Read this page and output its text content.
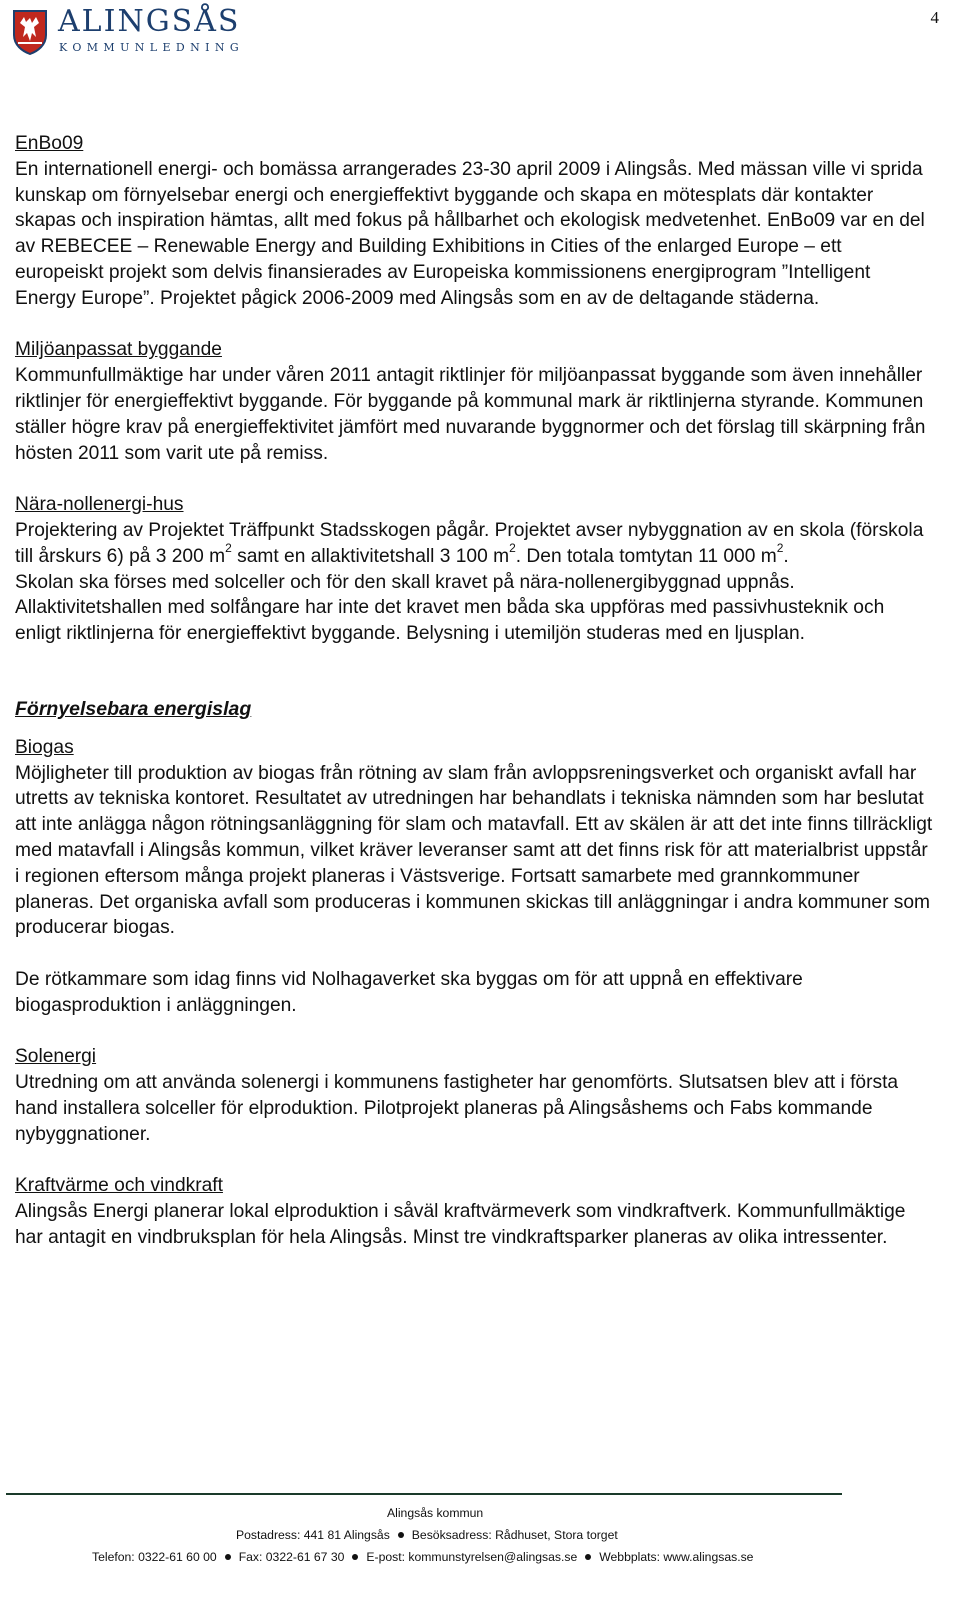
ALINGSÅS
KOMMUNLEDNING
4

EnBo09

En internationell energi- och bomässa arrangerades 23-30 april 2009 i Alingsås. Med mässan ville vi sprida kunskap om förnyelsebar energi och energieffektivt byggande och skapa en mötesplats där kontakter skapas och inspiration hämtas, allt med fokus på hållbarhet och ekologisk medvetenhet. EnBo09 var en del av REBECEE – Renewable Energy and Building Exhibitions in Cities of the enlarged Europe – ett europeiskt projekt som delvis finansierades av Europeiska kommissionens energiprogram ”Intelligent Energy Europe”. Projektet pågick 2006-2009 med Alingsås som en av de deltagande städerna.

Miljöanpassat byggande

Kommunfullmäktige har under våren 2011 antagit riktlinjer för miljöanpassat byggande som även innehåller riktlinjer för energieffektivt byggande. För byggande på kommunal mark är riktlinjerna styrande. Kommunen ställer högre krav på energieffektivitet jämfört med nuvarande byggnormer och det förslag till skärpning från hösten 2011 som varit ute på remiss.

Nära-nollenergi-hus

Projektering av Projektet Träffpunkt Stadsskogen pågår. Projektet avser nybyggnation av en skola (förskola till årskurs 6) på 3 200 $m^2$ samt en allaktivitetshall 3 100 $m^2$. Den totala tomtytan 11 000 $m^2$.

Skolan ska förses med solceller och för den skall kravet på nära-nollenergibyggnad uppnås. Allaktivitetshallen med solfångare har inte det kravet men båda ska uppföras med passivhusteknik och enligt riktlinjerna för energieffektivt byggande. Belysning i utemiljön studeras med en ljusplan.

Förnyelsebara energislag

Biogas

Möjligheter till produktion av biogas från rötning av slam från avloppsreningsverket och organiskt avfall har utretts av tekniska kontoret. Resultatet av utredningen har behandlats i tekniska nämnden som har beslutat att inte anlägga någon rötningsanläggning för slam och matavfall. Ett av skälen är att det inte finns tillräckligt med matavfall i Alingsås kommun, vilket kräver leveranser samt att det finns risk för att materialbrist uppstår i regionen eftersom många projekt planeras i Västsverige. Fortsatt samarbete med grannkommuner planeras. Det organiska avfall som produceras i kommunen skickas till anläggningar i andra kommuner som producerar biogas.

De rötkammare som idag finns vid Nolhagaverket ska byggas om för att uppnå en effektivare biogasproduktion i anläggningen.

Solenergi

Utredning om att använda solenergi i kommunens fastigheter har genomförts. Slutsatsen blev att i första hand installera solceller för elproduktion. Pilotprojekt planeras på Alingsåshems och Fabs kommande nybyggnationer.

Kraftvärme och vindkraft

Alingsås Energi planerar lokal elproduktion i såväl kraftvärmeverk som vindkraftverk. Kommunfullmäktige har antagit en vindbruksplan för hela Alingsås. Minst tre vindkraftsparker planeras av olika intressenter.

Alingsås kommun
Postadress: 441 81 Alingsås Besöksadress: Rådhuset, Stora torget
Telefon: 0322-61 60 00 Fax: 0322-61 67 30 E-post: kommunstyrelsen@alingsas.se Webbplats: www.alingsas.se
